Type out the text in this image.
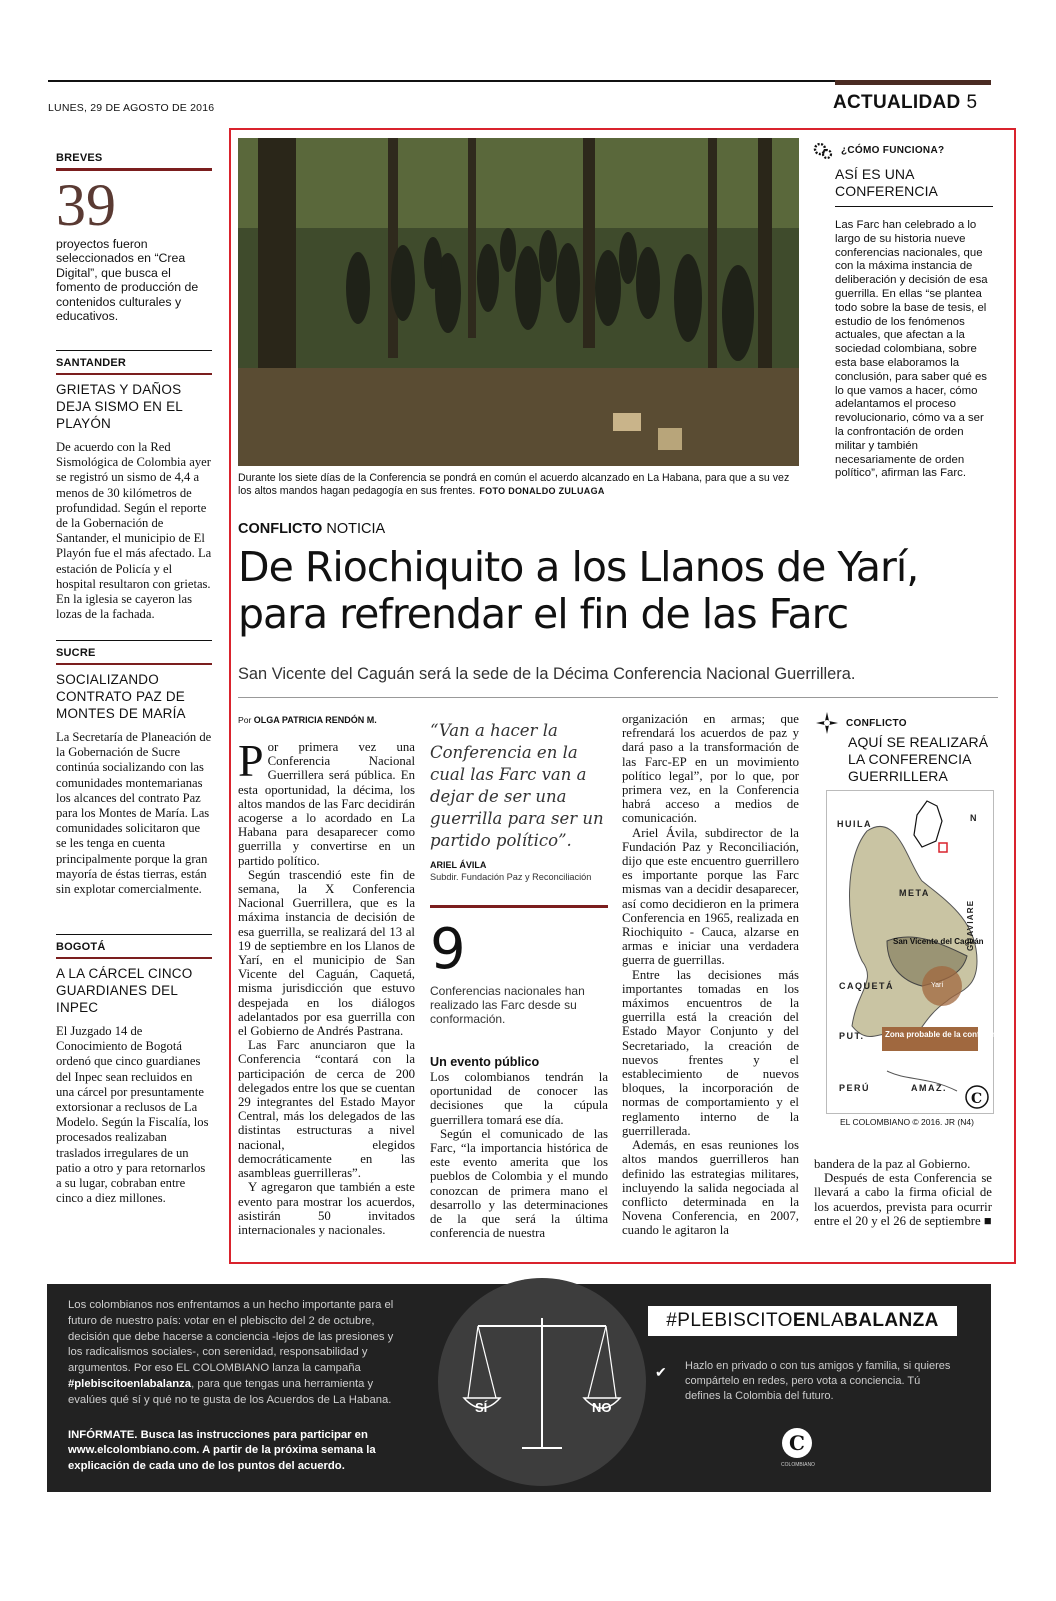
LUNES, 29 DE AGOSTO DE 2016	ACTUALIDAD 5
BREVES
39
proyectos fueron seleccionados en “Crea Digital”, que busca el fomento de producción de contenidos culturales y educativos.
SANTANDER
GRIETAS Y DAÑOS DEJA SISMO EN EL PLAYÓN
De acuerdo con la Red Sismológica de Colombia ayer se registró un sismo de 4,4 a menos de 30 kilómetros de profundidad. Según el reporte de la Gobernación de Santander, el municipio de El Playón fue el más afectado. La estación de Policía y el hospital resultaron con grietas. En la iglesia se cayeron las lozas de la fachada.
SUCRE
SOCIALIZANDO CONTRATO PAZ DE MONTES DE MARÍA
La Secretaría de Planeación de la Gobernación de Sucre continúa socializando con las comunidades montemarianas los alcances del contrato Paz para los Montes de María. Las comunidades solicitaron que se les tenga en cuenta principalmente porque la gran mayoría de éstas tierras, están sin explotar comercialmente.
BOGOTÁ
A LA CÁRCEL CINCO GUARDIANES DEL INPEC
El Juzgado 14 de Conocimiento de Bogotá ordenó que cinco guardianes del Inpec sean recluidos en una cárcel por presuntamente extorsionar a reclusos de La Modelo. Según la Fiscalía, los procesados realizaban traslados irregulares de un patio a otro y para retornarlos a su lugar, cobraban entre cinco a diez millones.
Durante los siete días de la Conferencia se pondrá en común el acuerdo alcanzado en La Habana, para que a su vez los altos mandos hagan pedagogía en sus frentes. FOTO DONALDO ZULUAGA
¿CÓMO FUNCIONA?
ASÍ ES UNA CONFERENCIA
Las Farc han celebrado a lo largo de su historia nueve conferencias nacionales, que con la máxima instancia de deliberación y decisión de esa guerrilla. En ellas “se plantea todo sobre la base de tesis, el estudio de los fenómenos actuales, que afectan a la sociedad colombiana, sobre esta base elaboramos la conclusión, para saber qué es lo que vamos a hacer, cómo adelantamos el proceso revolucionario, cómo va a ser la confrontación de orden militar y también necesariamente de orden político”, afirman las Farc.
CONFLICTO NOTICIA
De Riochiquito a los Llanos de Yarí, para refrendar el fin de las Farc
San Vicente del Caguán será la sede de la Décima Conferencia Nacional Guerrillera.
Por OLGA PATRICIA RENDÓN M.

Por primera vez una Conferencia Nacional Guerrillera será pública. En esta oportunidad, la décima, los altos mandos de las Farc decidirán acogerse a lo acordado en La Habana para desaparecer como guerrilla y convertirse en un partido político.

Según trascendió este fin de semana, la X Conferencia Nacional Guerrillera, que es la máxima instancia de decisión de esa guerrilla, se realizará del 13 al 19 de septiembre en los Llanos de Yarí, en el municipio de San Vicente del Caguán, Caquetá, misma jurisdicción que estuvo despejada en los diálogos adelantados por esa guerrilla con el Gobierno de Andrés Pastrana.

Las Farc anunciaron que la Conferencia “contará con la participación de cerca de 200 delegados entre los que se cuentan 29 integrantes del Estado Mayor Central, más los delegados de las distintas estructuras a nivel nacional, elegidos democráticamente en las asambleas guerrilleras”.

Y agregaron que también a este evento para mostrar los acuerdos, asistirán 50 invitados internacionales y nacionales.

“Van a hacer la Conferencia en la cual las Farc van a dejar de ser una guerrilla para ser un partido político”.
ARIEL ÁVILA
Subdir. Fundación Paz y Reconciliación
9
Conferencias nacionales han realizado las Farc desde su conformación.
Un evento público

Los colombianos tendrán la oportunidad de conocer las decisiones que la cúpula guerrillera tomará ese día.

Según el comunicado de las Farc, “la importancia histórica de este evento amerita que los pueblos de Colombia y el mundo conozcan de primera mano el desarrollo y las determinaciones de la que será la última conferencia de nuestra

organización en armas; que refrendará los acuerdos de paz y dará paso a la transformación de las Farc-EP en un movimiento político legal”, por lo que, por primera vez, en la Conferencia habrá acceso a medios de comunicación.

Ariel Ávila, subdirector de la Fundación Paz y Reconciliación, dijo que este encuentro guerrillero es importante porque las Farc mismas van a decidir desaparecer, así como decidieron en la primera Conferencia en 1965, realizada en Riochiquito - Cauca, alzarse en armas e iniciar una verdadera guerra de guerrillas.

Entre las decisiones más importantes tomadas en los máximos encuentros de la guerrilla está la creación del Estado Mayor Conjunto y del Secretariado, la creación de nuevos frentes y el establecimiento de nuevos bloques, la incorporación de normas de comportamiento y el reglamento interno de la guerrillerada.

Además, en esas reuniones los altos mandos guerrilleros han definido las estrategias militares, incluyendo la salida negociada al conflicto determinada en la Novena Conferencia, en 2007, cuando le agitaron la

CONFLICTO
AQUÍ SE REALIZARÁ LA CONFERENCIA GUERRILLERA
HUILA
N
META
GUAVIARE
San Vicente del Caguán
CAQUETÁ	Yarí
Zona probable de la conferencia
PUT.
PERÚ	AMAZ.
C
EL COLOMBIANO © 2016. JR (N4)

bandera de la paz al Gobierno.

Después de esta Conferencia se llevará a cabo la firma oficial de los acuerdos, prevista para ocurrir entre el 20 y el 26 de septiembre ■

SÍ	NO
Los colombianos nos enfrentamos a un hecho importante para el futuro de nuestro país: votar en el plebiscito del 2 de octubre, decisión que debe hacerse a conciencia -lejos de las presiones y los radicalismos sociales-, con serenidad, responsabilidad y argumentos. Por eso EL COLOMBIANO lanza la campaña #plebiscitoenlabalanza, para que tengas una herramienta y evalúes qué sí y qué no te gusta de los Acuerdos de La Habana.
INFÓRMATE. Busca las instrucciones para participar en www.elcolombiano.com. A partir de la próxima semana la explicación de cada uno de los puntos del acuerdo.
#PLEBISCITOENLABALANZA
✔ Hazlo en privado o con tus amigos y familia, si quieres compártelo en redes, pero vota a conciencia. Tú defines la Colombia del futuro.
C
COLOMBIANO
